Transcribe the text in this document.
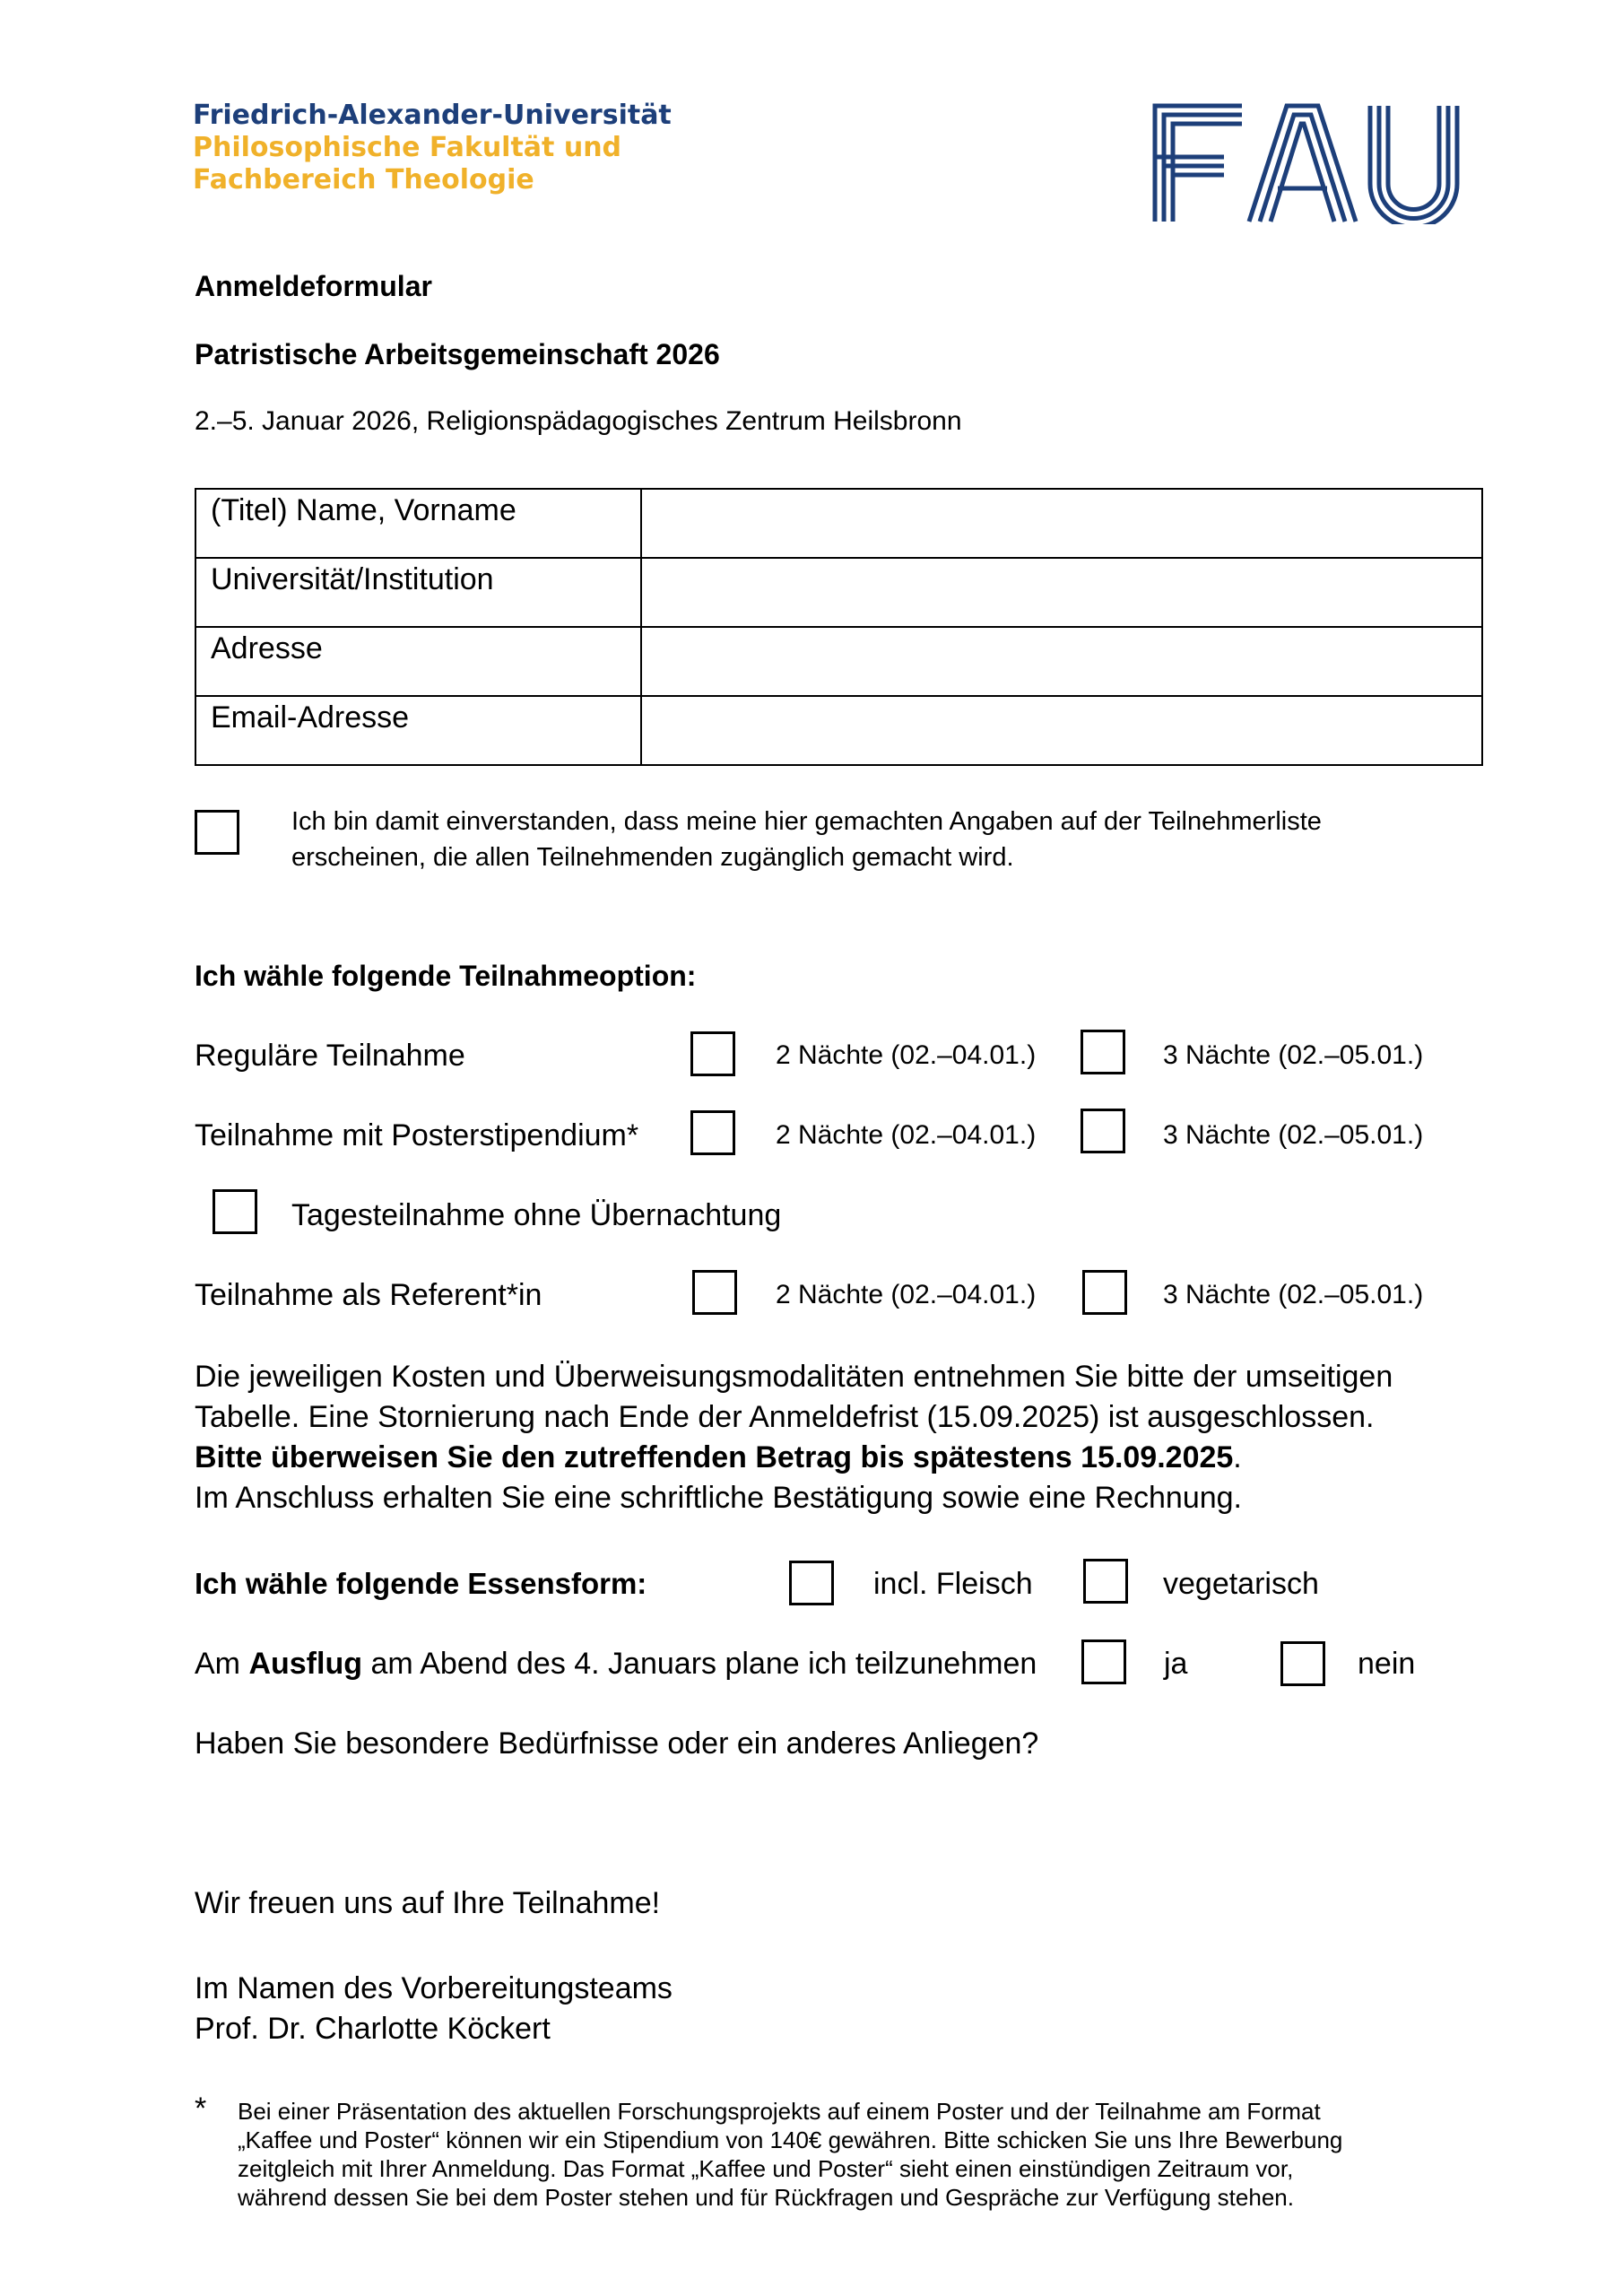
Friedrich-Alexander-Universität
Philosophische Fakultät und
Fachbereich Theologie
Anmeldeformular
Patristische Arbeitsgemeinschaft 2026
2.–5. Januar 2026, Religionspädagogisches Zentrum Heilsbronn
(Titel) Name, Vorname	
Universität/Institution	
Adresse	
Email-Adresse	
Ich bin damit einverstanden, dass meine hier gemachten Angaben auf der Teilnehmerliste
erscheinen, die allen Teilnehmenden zugänglich gemacht wird.
Ich wähle folgende Teilnahmeoption:
Reguläre Teilnahme	2 Nächte (02.–04.01.)	3 Nächte (02.–05.01.)
Teilnahme mit Posterstipendium*	2 Nächte (02.–04.01.)	3 Nächte (02.–05.01.)
Tagesteilnahme ohne Übernachtung
Teilnahme als Referent*in	2 Nächte (02.–04.01.)	3 Nächte (02.–05.01.)
Die jeweiligen Kosten und Überweisungsmodalitäten entnehmen Sie bitte der umseitigen
Tabelle. Eine Stornierung nach Ende der Anmeldefrist (15.09.2025) ist ausgeschlossen.
Bitte überweisen Sie den zutreffenden Betrag bis spätestens 15.09.2025.
Im Anschluss erhalten Sie eine schriftliche Bestätigung sowie eine Rechnung.
Ich wähle folgende Essensform:	incl. Fleisch	vegetarisch
Am Ausflug am Abend des 4. Januars plane ich teilzunehmen	ja	nein
Haben Sie besondere Bedürfnisse oder ein anderes Anliegen?
Wir freuen uns auf Ihre Teilnahme!
Im Namen des Vorbereitungsteams
Prof. Dr. Charlotte Köckert
* Bei einer Präsentation des aktuellen Forschungsprojekts auf einem Poster und der Teilnahme am Format
„Kaffee und Poster“ können wir ein Stipendium von 140€ gewähren. Bitte schicken Sie uns Ihre Bewerbung
zeitgleich mit Ihrer Anmeldung. Das Format „Kaffee und Poster“ sieht einen einstündigen Zeitraum vor,
während dessen Sie bei dem Poster stehen und für Rückfragen und Gespräche zur Verfügung stehen.
